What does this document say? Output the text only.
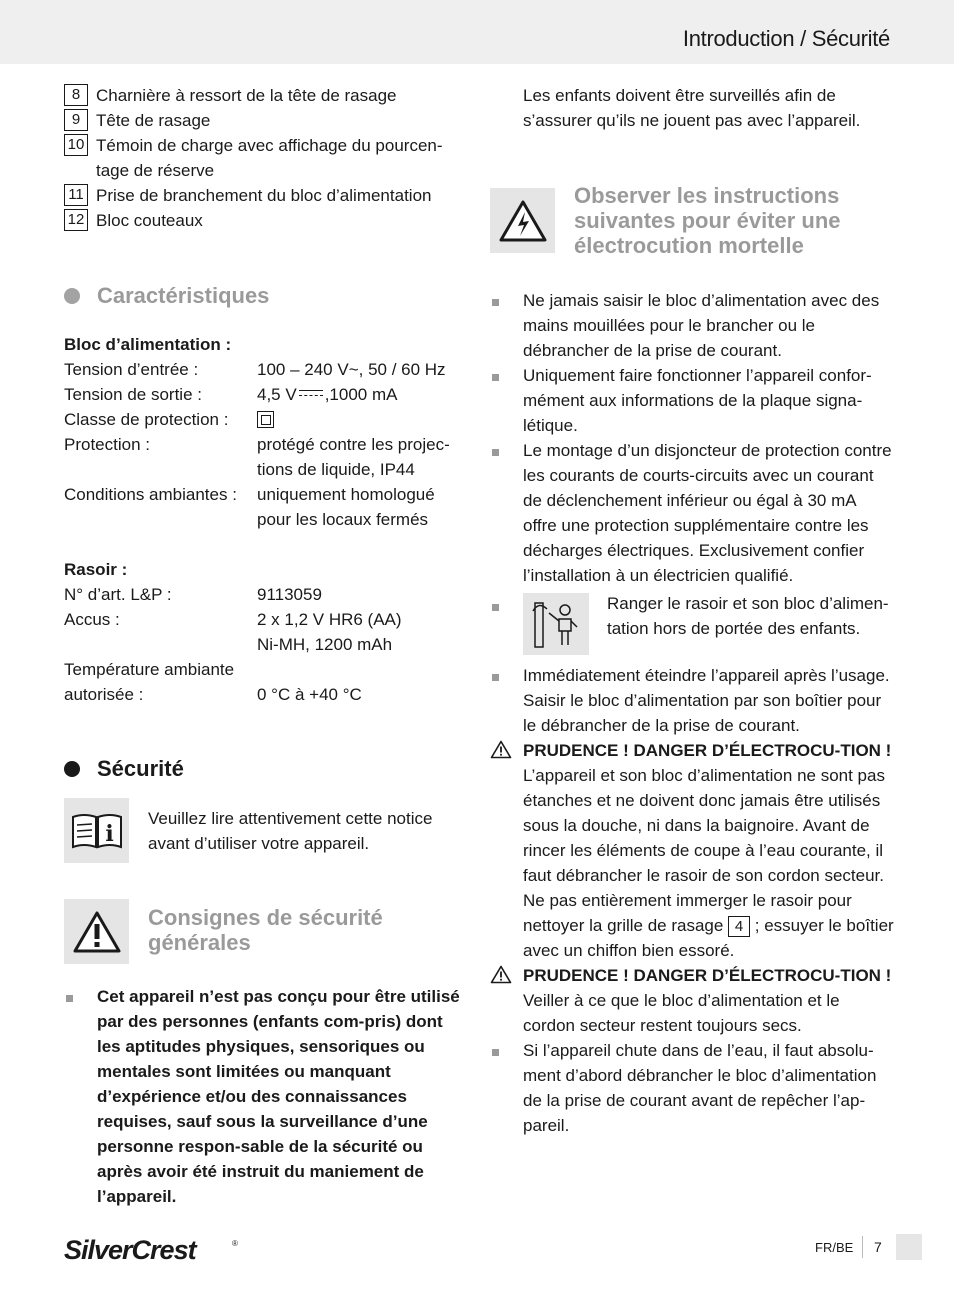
Introduction / Sécurité
8 Charnière à ressort de la tête de rasage
9 Tête de rasage
10 Témoin de charge avec affichage du pourcen-tage de réserve
11 Prise de branchement du bloc d’alimentation
12 Bloc couteaux
Caractéristiques
Bloc d’alimentation :
Tension d’entrée :	100 – 240 V~, 50 / 60 Hz
Tension de sortie :	4,5 V ,1000 mA
Classe de protection :
Protection :	protégé contre les projec-
tions de liquide, IP44
Conditions ambiantes :	uniquement homologué
pour les locaux fermés
Rasoir :
N° d’art. L&P :	9113059
Accus :	2 x 1,2 V HR6 (AA)
Ni-MH, 1200 mAh
Température ambiante
autorisée :	0 °C à +40 °C
Sécurité
i
Veuillez lire attentivement cette notice avant d’utiliser votre appareil.
Consignes de sécurité générales
Cet appareil n’est pas conçu pour être utilisé par des personnes (enfants com-pris) dont les aptitudes physiques, sensoriques ou mentales sont limitées ou manquant d’expérience et/ou des connaissances requises, sauf sous la surveillance d’une personne respon-sable de la sécurité ou après avoir été instruit du maniement de l’appareil.
Les enfants doivent être surveillés afin de s’assurer qu’ils ne jouent pas avec l’appareil.
Observer les instructions suivantes pour éviter une électrocution mortelle
Ne jamais saisir le bloc d’alimentation avec des mains mouillées pour le brancher ou le débrancher de la prise de courant.
Uniquement faire fonctionner l’appareil confor-mément aux informations de la plaque signa-létique.
Le montage d’un disjoncteur de protection contre les courants de courts-circuits avec un courant de déclenchement inférieur ou égal à 30 mA offre une protection supplémentaire contre les décharges électriques. Exclusivement confier l’installation à un électricien qualifié.
Ranger le rasoir et son bloc d’alimen-tation hors de portée des enfants.
Immédiatement éteindre l’appareil après l’usage. Saisir le bloc d’alimentation par son boîtier pour le débrancher de la prise de courant.
PRUDENCE ! DANGER D’ÉLECTROCU-TION ! L’appareil et son bloc d’alimentation ne sont pas étanches et ne doivent donc jamais être utilisés sous la douche, ni dans la baignoire. Avant de rincer les éléments de coupe à l’eau courante, il faut débrancher le rasoir de son cordon secteur. Ne pas entièrement immerger le rasoir pour nettoyer la grille de rasage 4 ; essuyer le boîtier avec un chiffon bien essoré.
PRUDENCE ! DANGER D’ÉLECTROCU-TION ! Veiller à ce que le bloc d’alimentation et le cordon secteur restent toujours secs.
Si l’appareil chute dans de l’eau, il faut absolu-ment d’abord débrancher le bloc d’alimentation de la prise de courant avant de repêcher l’ap-pareil.
SilverCrest	®	FR/BE 7
